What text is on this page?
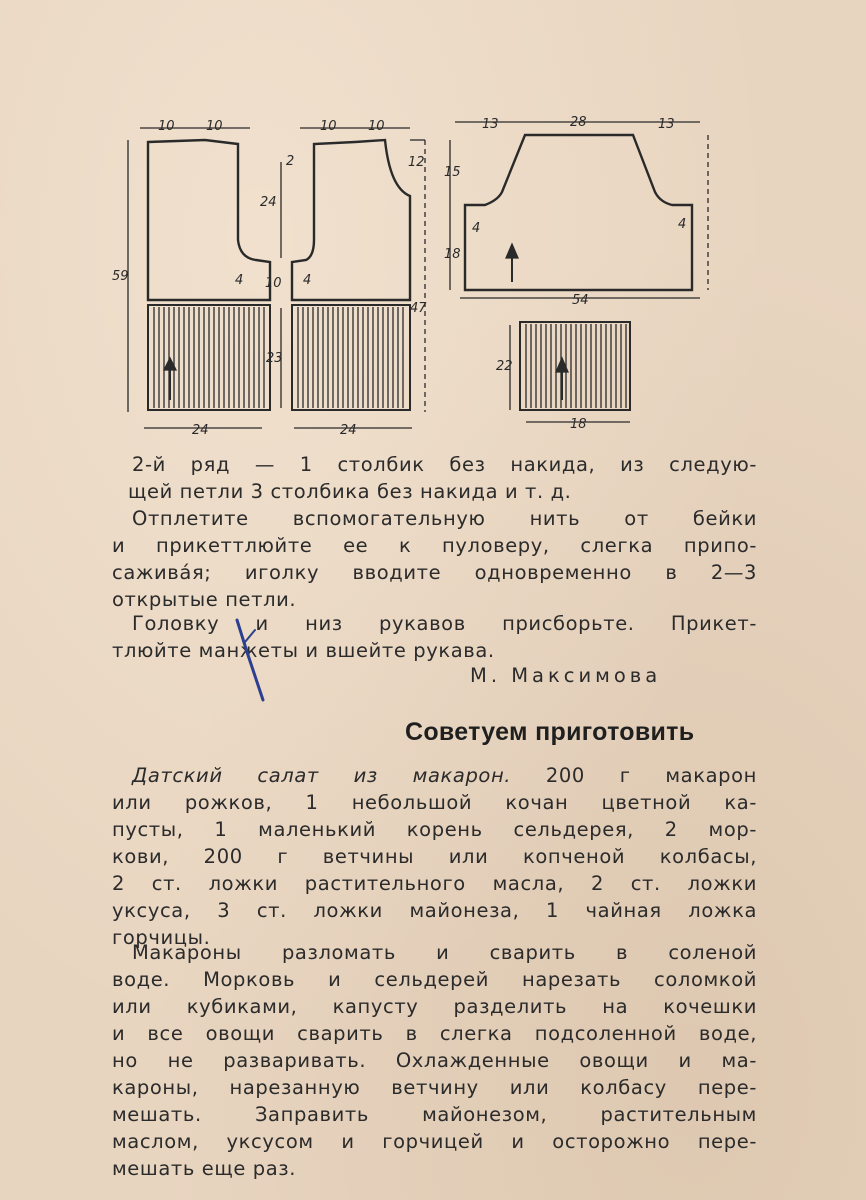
10 10	10 10
2	12
24
4	4
10
59
47
23
24	24
13	28	13
15
18
4	4
54
22
18
2-й ряд — 1 столбик без накида, из следую-
щей петли 3 столбика без накида и т. д.
Отплетите вспомогательную нить от бейки
и прикеттлюйте ее к пуловеру, слегка припо-
сажива́я; иголку вводите одновременно в 2—3
открытые петли.
Головку и низ рукавов присборьте. Прикет-
тлюйте манжеты и вшейте рукава.
М. Максимова
Советуем приготовить
Датский салат из макарон. 200 г макарон
или рожков, 1 небольшой кочан цветной ка-
пусты, 1 маленький корень сельдерея, 2 мор-
кови, 200 г ветчины или копченой колбасы,
2 ст. ложки растительного масла, 2 ст. ложки
уксуса, 3 ст. ложки майонеза, 1 чайная ложка
горчицы.
Макароны разломать и сварить в соленой
воде. Морковь и сельдерей нарезать соломкой
или кубиками, капусту разделить на кочешки
и все овощи сварить в слегка подсоленной воде,
но не разваривать. Охлажденные овощи и ма-
кароны, нарезанную ветчину или колбасу пере-
мешать. Заправить майонезом, растительным
маслом, уксусом и горчицей и осторожно пере-
мешать еще раз.
